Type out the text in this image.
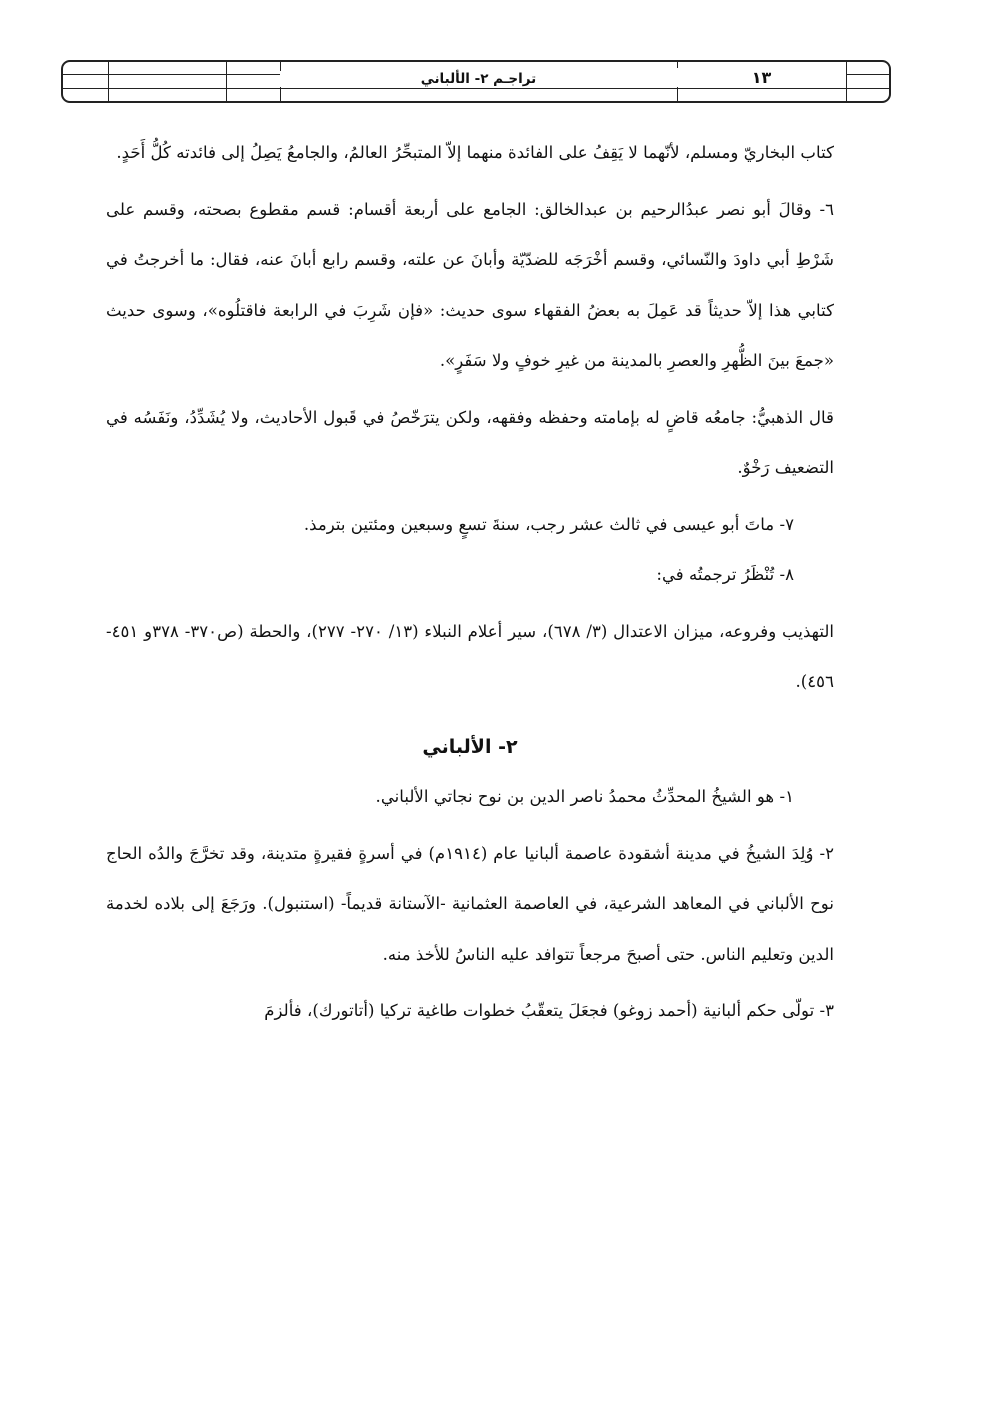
تراجـم ٢- الألباني	١٣

كتاب البخاريّ ومسلم، لأنّهما لا يَقِفُ على الفائدة منهما إلاّ المتبحِّرُ العالمُ، والجامعُ يَصِلُ إلى فائدته كُلُّ أَحَدٍ.

٦- وقالَ أبو نصر عبدُالرحيم بن عبدالخالق: الجامع على أربعة أقسام: قسم مقطوع بصحته، وقسم على شَرْطِ أبي داودَ والنّسائي، وقسم أخْرَجَه للضدّيّة وأبانَ عن علته، وقسم رابع أبانَ عنه، فقال: ما أخرجتُ في كتابي هذا إلاّ حديثاً قد عَمِلَ به بعضُ الفقهاء سوى حديث: «فإن شَرِبَ في الرابعة فاقتلُوه»، وسوى حديث «جمعَ بينَ الظُّهرِ والعصرِ بالمدينة من غيرِ خوفٍ ولا سَفَرٍ».

قال الذهبيُّ: جامعُه قاضٍ له بإمامته وحفظه وفقهه، ولكن يترَخّصُ في قَبول الأحاديث، ولا يُشَدِّدُ، ونَفَسُه في التضعيف رَخْوٌ.

٧- ماتَ أبو عيسى في ثالث عشر رجب، سنةَ تسعٍ وسبعين ومئتين بترمذ.

٨- تُنْظَرُ ترجمتُه في:

التهذيب وفروعه، ميزان الاعتدال (٣/ ٦٧٨)، سير أعلام النبلاء (١٣/ ٢٧٠- ٢٧٧)، والحطة (ص٣٧٠- ٣٧٨و ٤٥١- ٤٥٦).

٢- الألباني

١- هو الشيخُ المحدِّثُ محمدُ ناصر الدين بن نوح نجاتي الألباني.

٢- وُلِدَ الشيخُ في مدينة أشقودة عاصمة ألبانيا عام (١٩١٤م) في أسرةٍ فقيرةٍ متدينة، وقد تخرَّجَ والدُه الحاج نوح الألباني في المعاهد الشرعية، في العاصمة العثمانية -الآستانة قديماً- (استنبول). ورَجَعَ إلى بلاده لخدمة الدين وتعليم الناس. حتى أصبحَ مرجعاً تتوافد عليه الناسُ للأخذ منه.

٣- تولّى حكم ألبانية (أحمد زوغو) فجعَلَ يتعقّبُ خطوات طاغية تركيا (أتاتورك)، فألزمَ
